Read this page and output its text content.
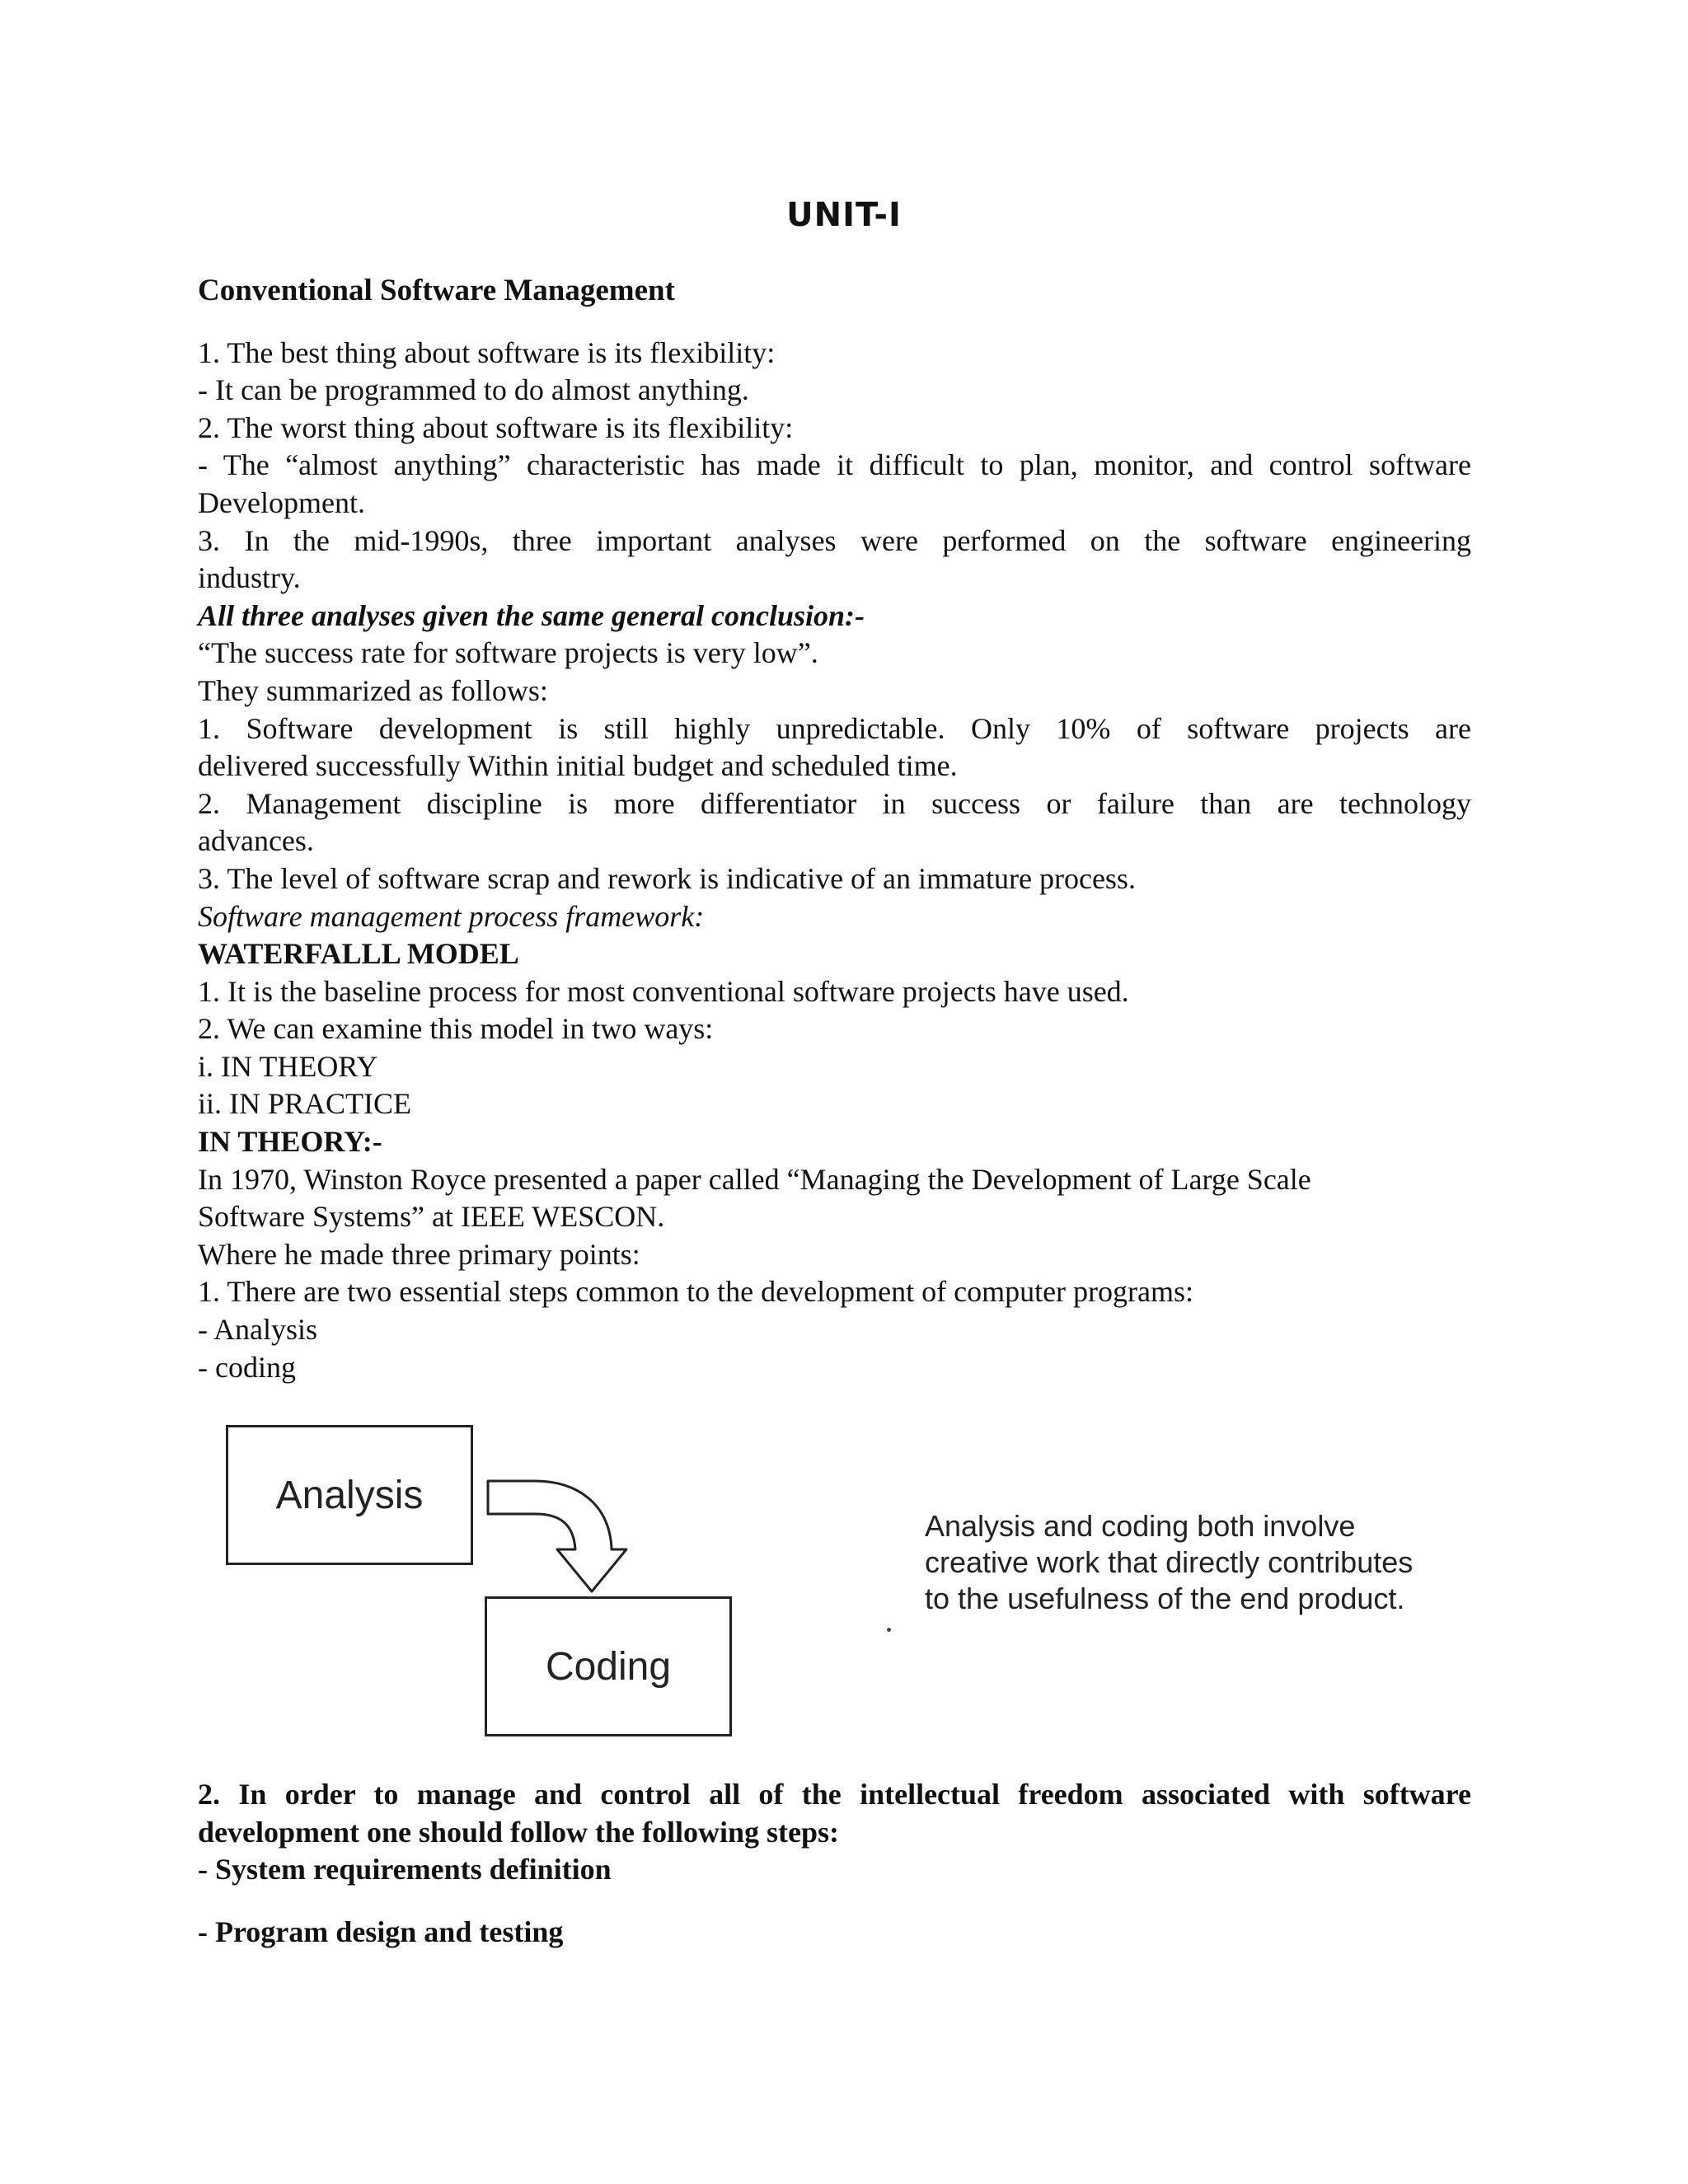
UNIT-I

Conventional Software Management

1. The best thing about software is its flexibility:

- It can be programmed to do almost anything.

2. The worst thing about software is its flexibility:

- The “almost anything” characteristic has made it difficult to plan, monitor, and control software

Development.

3. In the mid-1990s, three important analyses were performed on the software engineering

industry.

All three analyses given the same general conclusion:-

“The success rate for software projects is very low”.

They summarized as follows:

1. Software development is still highly unpredictable. Only 10% of software projects are

delivered successfully Within initial budget and scheduled time.

2. Management discipline is more differentiator in success or failure than are technology

advances.

3. The level of software scrap and rework is indicative of an immature process.

Software management process framework:

WATERFALLL MODEL

1. It is the baseline process for most conventional software projects have used.

2. We can examine this model in two ways:

i. IN THEORY

ii. IN PRACTICE

IN THEORY:-

In 1970, Winston Royce presented a paper called “Managing the Development of Large Scale

Software Systems” at IEEE WESCON.

Where he made three primary points:

1. There are two essential steps common to the development of computer programs:

- Analysis

- coding

Analysis
Coding
Analysis and coding both involve creative work that directly contributes to the usefulness of the end product.

2. In order to manage and control all of the intellectual freedom associated with software

development one should follow the following steps:

- System requirements definition

- Program design and testing
